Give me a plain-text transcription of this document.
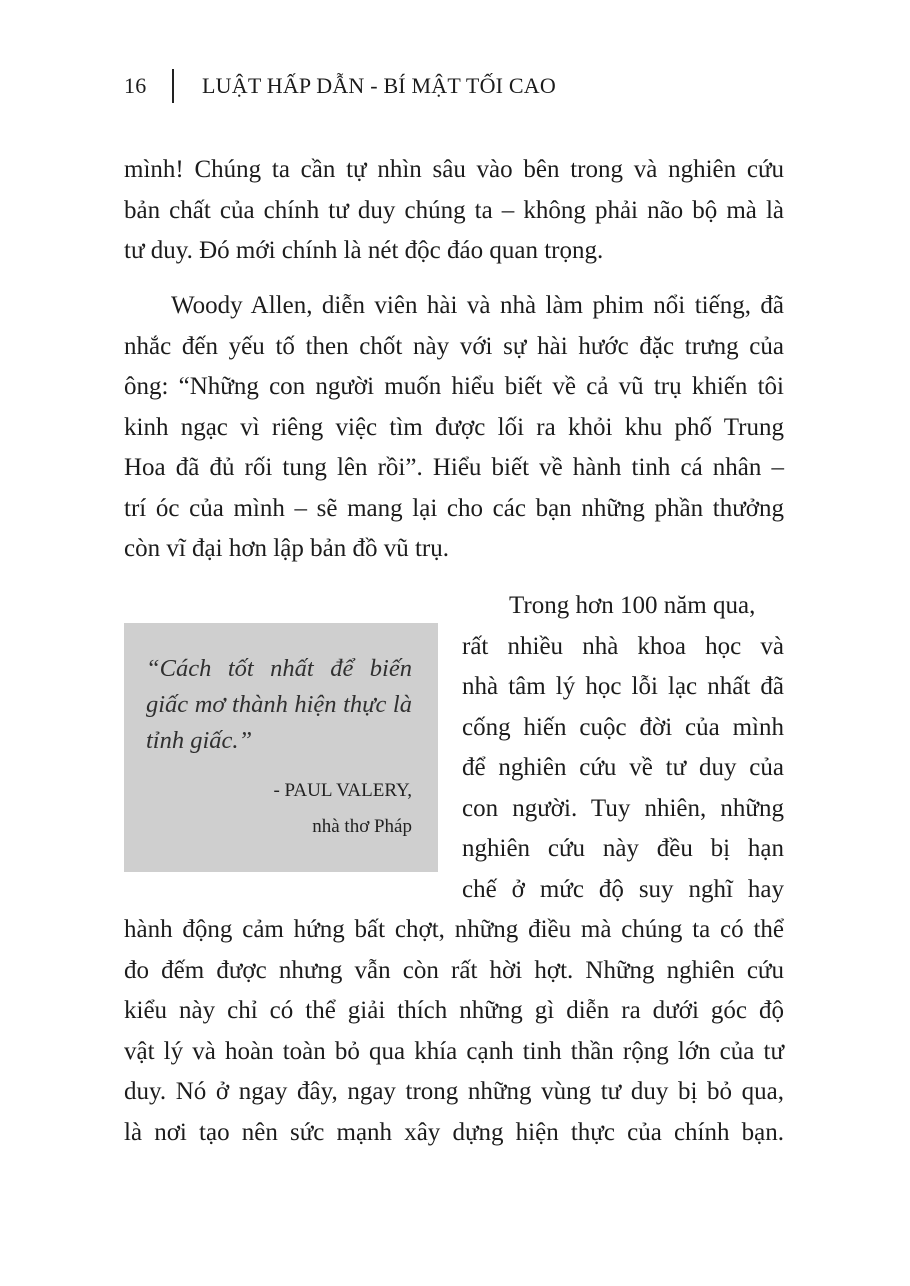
16	LUẬT HẤP DẪN - BÍ MẬT TỐI CAO
mình! Chúng ta cần tự nhìn sâu vào bên trong và nghiên cứu
bản chất của chính tư duy chúng ta – không phải não bộ mà là
tư duy. Đó mới chính là nét độc đáo quan trọng.
Woody Allen, diễn viên hài và nhà làm phim nổi tiếng, đã
nhắc đến yếu tố then chốt này với sự hài hước đặc trưng của
ông: “Những con người muốn hiểu biết về cả vũ trụ khiến tôi
kinh ngạc vì riêng việc tìm được lối ra khỏi khu phố Trung
Hoa đã đủ rối tung lên rồi”. Hiểu biết về hành tinh cá nhân –
trí óc của mình – sẽ mang lại cho các bạn những phần thưởng
còn vĩ đại hơn lập bản đồ vũ trụ.
“Cách tốt nhất để biến giấc mơ thành hiện thực là tỉnh giấc.”
- PAUL VALERY,
nhà thơ Pháp
Trong hơn 100 năm qua,
rất nhiều nhà khoa học và
nhà tâm lý học lỗi lạc nhất đã
cống hiến cuộc đời của mình
để nghiên cứu về tư duy của
con người. Tuy nhiên, những
nghiên cứu này đều bị hạn
chế ở mức độ suy nghĩ hay
hành động cảm hứng bất chợt, những điều mà chúng ta có thể
đo đếm được nhưng vẫn còn rất hời hợt. Những nghiên cứu
kiểu này chỉ có thể giải thích những gì diễn ra dưới góc độ
vật lý và hoàn toàn bỏ qua khía cạnh tinh thần rộng lớn của tư
duy. Nó ở ngay đây, ngay trong những vùng tư duy bị bỏ qua,
là nơi tạo nên sức mạnh xây dựng hiện thực của chính bạn.
